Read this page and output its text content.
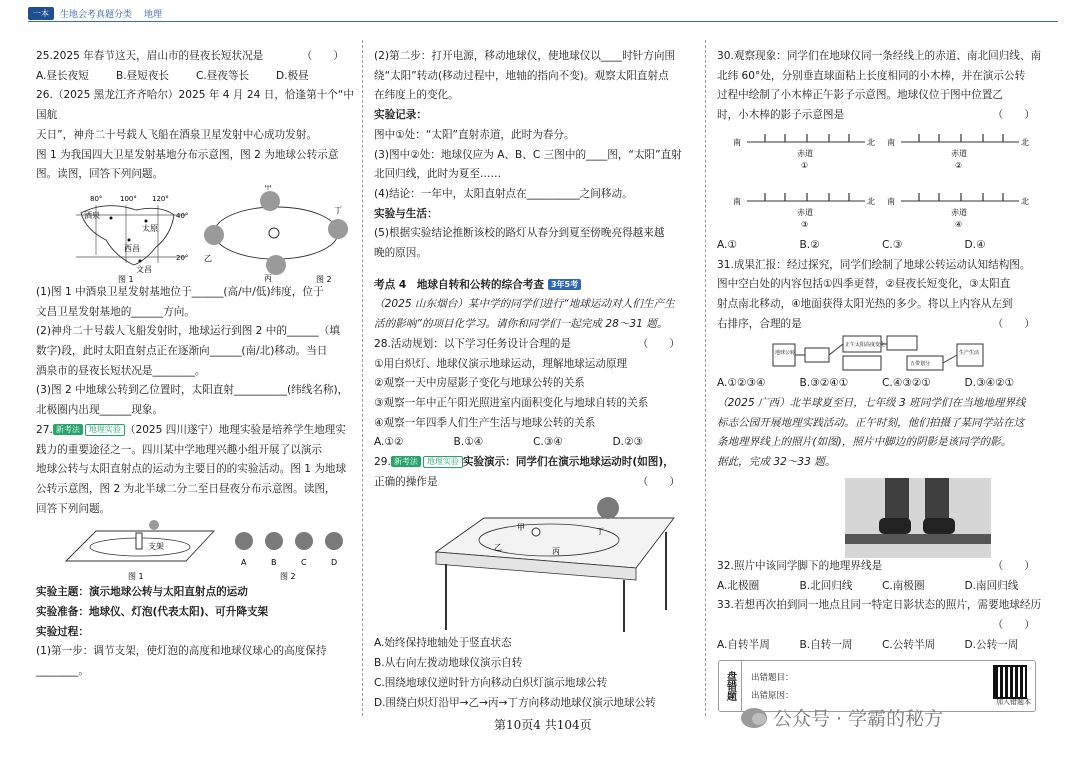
一本	生地会考真题分类 地理

25.2025 年春节这天，眉山市的昼夜长短状况是	（　　）

A.昼长夜短	B.昼短夜长	C.昼夜等长	D.极昼

26.（2025 黑龙江齐齐哈尔）2025 年 4 月 24 日，恰逢第十个“中国航

天日”，神舟二十号载人飞船在酒泉卫星发射中心成功发射。

图 1 为我国四大卫星发射基地分布示意图，图 2 为地球公转示意

图。读图，回答下列问题。

80°	100° 120°
40°
20°
酒泉
太原
西昌
文昌
图 1
甲
乙
丙
丁
图 2

(1)图 1 中酒泉卫星发射基地位于______(高/中/低)纬度，位于

文昌卫星发射基地的______方向。

(2)神舟二十号载人飞船发射时，地球运行到图 2 中的______（填

数字)段，此时太阳直射点正在逐渐向______(南/北)移动。当日

酒泉市的昼夜长短状况是________。

(3)图 2 中地球公转到乙位置时，太阳直射__________(纬线名称)，

北极圈内出现______现象。

27. 新考法 地理实验 （2025 四川遂宁）地理实验是培养学生地理实

践力的重要途径之一。四川某中学地理兴趣小组开展了以演示

地球公转与太阳直射点的运动为主要目的的实验活动。图 1 为地球

公转示意图，图 2 为北半球二分二至日昼夜分布示意图。读图，

回答下列问题。

支架
图 1
A	B	C	D
图 2

实验主题：演示地球公转与太阳直射点的运动

实验准备：地球仪、灯泡(代表太阳)、可升降支架

实验过程：

(1)第一步：调节支架，使灯泡的高度和地球仪球心的高度保持

________。

(2)第二步：打开电源，移动地球仪，使地球仪以____时针方向围

绕“太阳”转动(移动过程中，地轴的指向不变)。观察太阳直射点

在纬度上的变化。

实验记录：

图中①处：“太阳”直射赤道，此时为春分。

(3)图中②处：地球仪应为 A、B、C 三图中的____图，“太阳”直射

北回归线，此时为夏至……

(4)结论：一年中，太阳直射点在__________之间移动。

实验与生活：

(5)根据实验结论推断该校的路灯从春分到夏至傍晚亮得越来越

晚的原因。

考点 4　地球自转和公转的综合考查 3年5考

（2025 山东烟台）某中学的同学们进行“地球运动对人们生产生

活的影响”的项目化学习。请你和同学们一起完成 28～31 题。

28.活动规划：以下学习任务设计合理的是	（　　）

①用白炽灯、地球仪演示地球运动，理解地球运动原理

②观察一天中房屋影子变化与地球公转的关系

③观察一年中正午阳光照进室内面积变化与地球自转的关系

④观察一年四季人们生产生活与地球公转的关系

A.①②	B.①④	C.③④	D.②③

29. 新考法 地理实验 实验演示：同学们在演示地球运动时(如图)，

正确的操作是	（　　）

甲
乙	丙
丁

A.始终保持地轴处于竖直状态

B.从右向左拨动地球仪演示自转

C.围绕地球仪逆时针方向移动白炽灯演示地球公转

D.围绕白炽灯沿甲→乙→丙→丁方向移动地球仪演示地球公转

30.观察现象：同学们在地球仪同一条经线上的赤道、南北回归线、南

北纬 60°处，分别垂直球面粘上长度相同的小木棒，并在演示公转

过程中绘制了小木棒正午影子示意图。地球仪位于图中位置乙

时，小木棒的影子示意图是	（　　）

南	北
赤道
①
南	北
赤道
②
南	北
赤道
③
南	北
赤道
④

A.①	B.②	C.③	D.④

31.成果汇报：经过探究，同学们绘制了地球公转运动认知结构图。

图中空白处的内容包括①四季更替，②昼夜长短变化，③太阳直

射点南北移动，④地面获得太阳光热的多少。将以上内容从左到

右排序，合理的是	（　　）

地球公转
正午太阳高度变化
五带划分
生产生活

A.①②③④	B.③②④①	C.④③②①	D.③④②①

（2025 广西）北半球夏至日，七年级 3 班同学们在当地地理界线

标志公园开展地理实践活动。正午时刻，他们拍摄了某同学站在这

条地理界线上的照片(如图)，照片中脚边的阴影是该同学的影。

据此，完成 32～33 题。

32.照片中该同学脚下的地理界线是	（　　）

A.北极圈	B.北回归线	C.南极圈	D.南回归线

33.若想再次拍到同一地点且同一特定日影状态的照片，需要地球经历

（　　）

A.自转半周	B.自转一周	C.公转半周	D.公转一周

盘错题	出错题目：
出错原因：
加入错题本
第10页4 共104页	公众号 · 学霸的秘方
